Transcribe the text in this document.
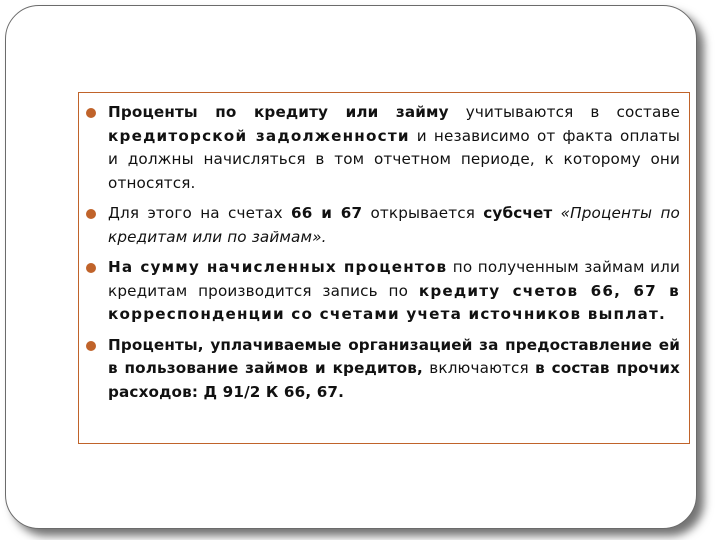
Проценты по кредиту или займу учитываются в составе кредиторской задолженности и независимо от факта оплаты и должны начисляться в том отчетном периоде, к которому они относятся.
Для этого на счетах 66 и 67 открывается субсчет «Проценты по кредитам или по займам».
На сумму начисленных процентов по полученным займам или кредитам производится запись по кредиту счетов 66, 67 в корреспонденции со счетами учета источников выплат.
Проценты, уплачиваемые организацией за предоставление ей в пользование займов и кредитов, включаются в состав прочих расходов: Д 91/2 К 66, 67.
